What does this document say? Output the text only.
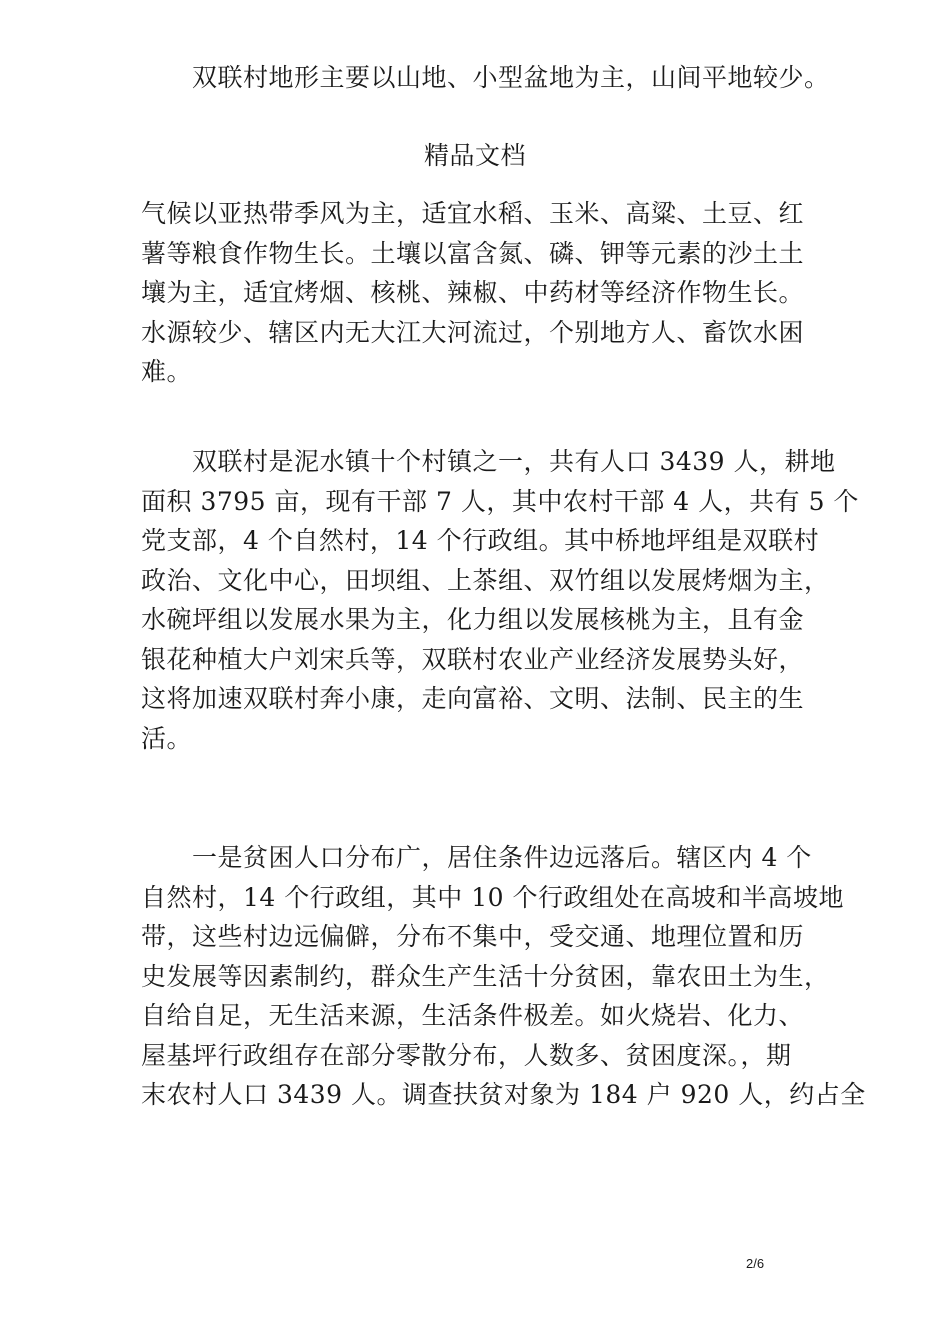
双联村地形主要以山地、小型盆地为主，山间平地较少。
精品文档
气候以亚热带季风为主，适宜水稻、玉米、高粱、土豆、红
薯等粮食作物生长。土壤以富含氮、磷、钾等元素的沙土土
壤为主，适宜烤烟、核桃、辣椒、中药材等经济作物生长。
水源较少、辖区内无大江大河流过，个别地方人、畜饮水困
难。
双联村是泥水镇十个村镇之一，共有人口 3439 人，耕地
面积 3795 亩，现有干部 7 人，其中农村干部 4 人，共有 5 个
党支部，4 个自然村，14 个行政组。其中桥地坪组是双联村
政治、文化中心，田坝组、上茶组、双竹组以发展烤烟为主，
水碗坪组以发展水果为主，化力组以发展核桃为主，且有金
银花种植大户刘宋兵等，双联村农业产业经济发展势头好，
这将加速双联村奔小康，走向富裕、文明、法制、民主的生
活。
一是贫困人口分布广，居住条件边远落后。辖区内 4 个
自然村，14 个行政组，其中 10 个行政组处在高坡和半高坡地
带，这些村边远偏僻，分布不集中，受交通、地理位置和历
史发展等因素制约，群众生产生活十分贫困，靠农田土为生，
自给自足，无生活来源，生活条件极差。如火烧岩、化力、
屋基坪行政组存在部分零散分布，人数多、贫困度深。，期
末农村人口 3439 人。调查扶贫对象为 184 户 920 人，约占全
2/6
